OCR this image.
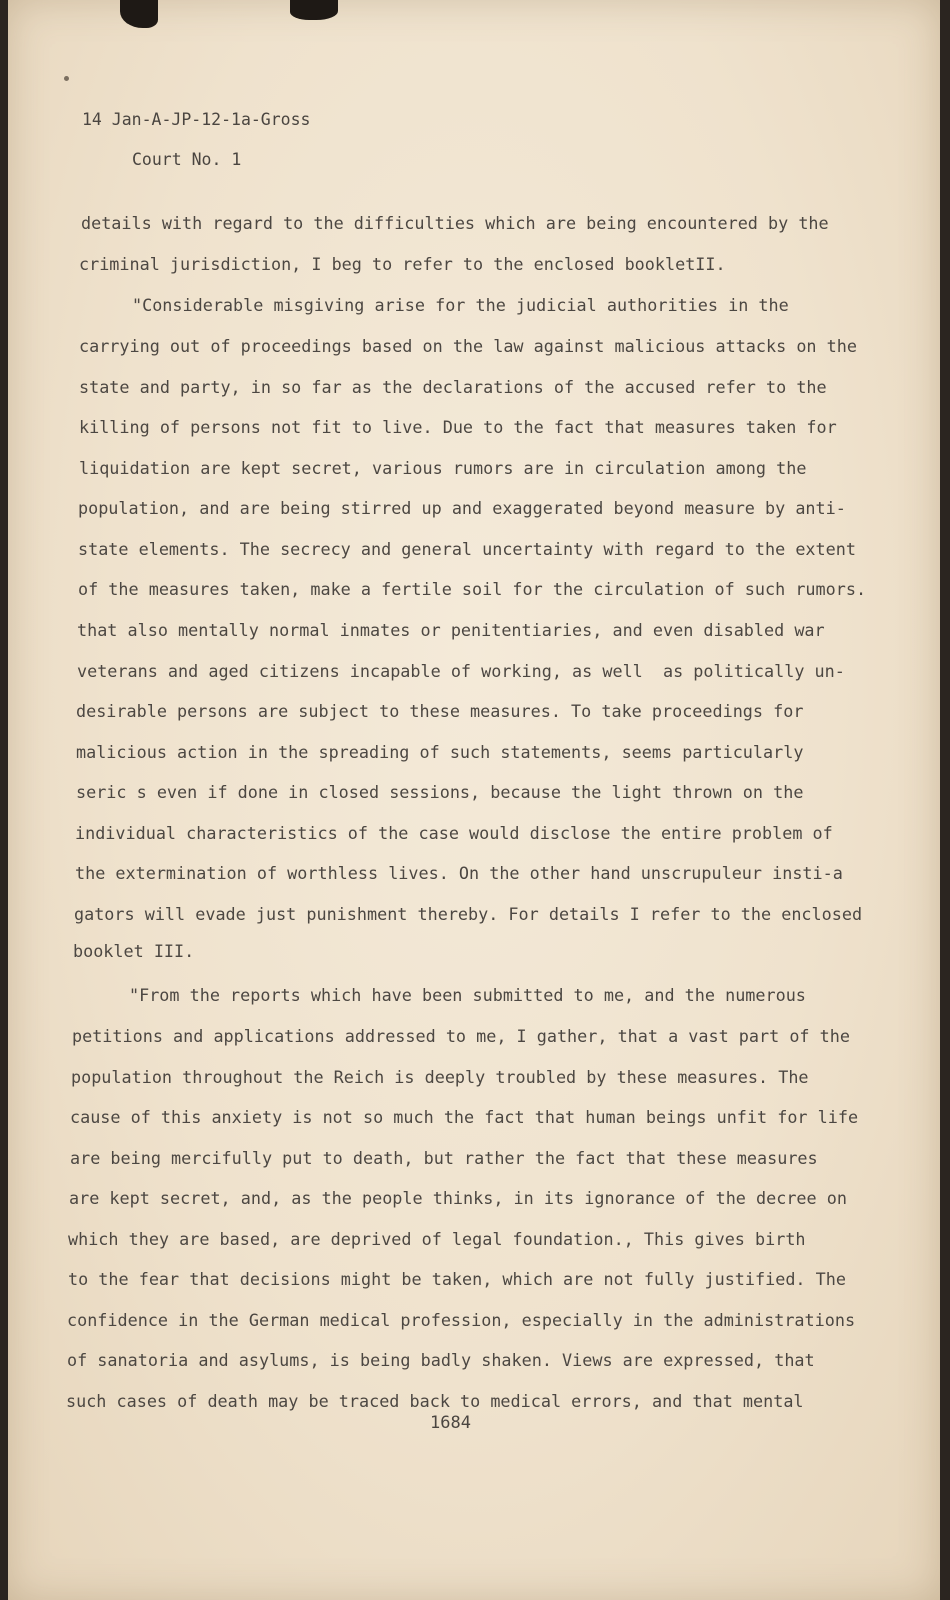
14 Jan-A-JP-12-1a-Gross
Court No. 1
details with regard to the difficulties which are being encountered by the
criminal jurisdiction, I beg to refer to the enclosed bookletII.
"Considerable misgiving arise for the judicial authorities in the
carrying out of proceedings based on the law against malicious attacks on the
state and party, in so far as the declarations of the accused refer to the
killing of persons not fit to live. Due to the fact that measures taken for
liquidation are kept secret, various rumors are in circulation among the
population, and are being stirred up and exaggerated beyond measure by anti-
state elements. The secrecy and general uncertainty with regard to the extent
of the measures taken, make a fertile soil for the circulation of such rumors.
that also mentally normal inmates or penitentiaries, and even disabled war
veterans and aged citizens incapable of working, as well  as politically un-
desirable persons are subject to these measures. To take proceedings for
malicious action in the spreading of such statements, seems particularly
seric s even if done in closed sessions, because the light thrown on the
individual characteristics of the case would disclose the entire problem of
the extermination of worthless lives. On the other hand unscrupuleur insti-a
gators will evade just punishment thereby. For details I refer to the enclosed
booklet III.
"From the reports which have been submitted to me, and the numerous
petitions and applications addressed to me, I gather, that a vast part of the
population throughout the Reich is deeply troubled by these measures. The
cause of this anxiety is not so much the fact that human beings unfit for life
are being mercifully put to death, but rather the fact that these measures
are kept secret, and, as the people thinks, in its ignorance of the decree on
which they are based, are deprived of legal foundation., This gives birth
to the fear that decisions might be taken, which are not fully justified. The
confidence in the German medical profession, especially in the administrations
of sanatoria and asylums, is being badly shaken. Views are expressed, that
such cases of death may be traced back to medical errors, and that mental
1684
